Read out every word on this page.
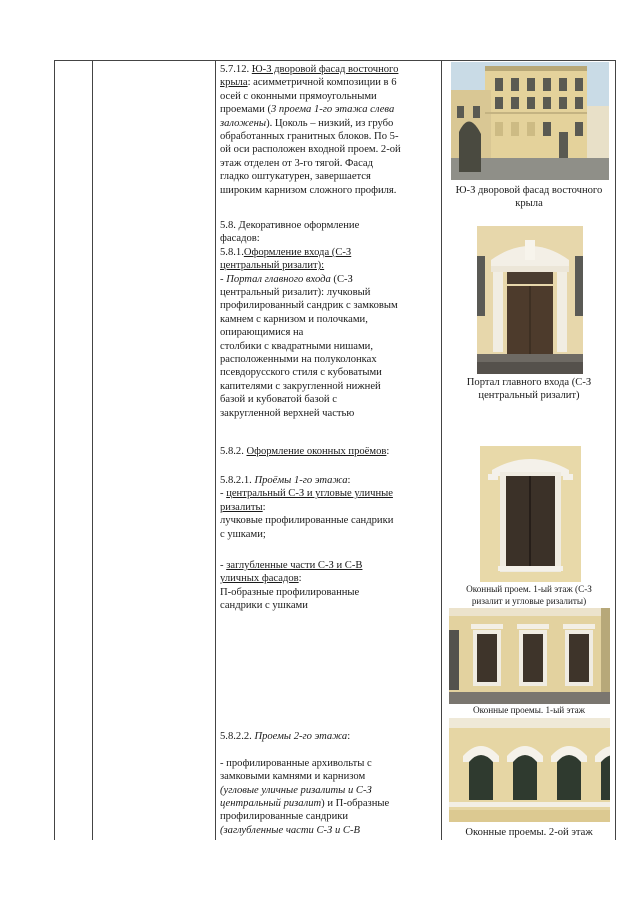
5.7.12. Ю-З дворовой фасад восточного

крыла: асимметричной композиции в 6

осей с оконными прямоугольными

проемами (3 проема 1-го этажа слева

заложены). Цоколь – низкий, из грубо

обработанных гранитных блоков. По 5-

ой оси расположен входной проем. 2-ой

этаж отделен от 3-го тягой. Фасад

гладко оштукатурен, завершается

широким карнизом сложного профиля.

5.8. Декоративное оформление

фасадов:

5.8.1.Оформление входа (С-З

центральный ризалит):

- Портал главного входа (С-З

центральный ризалит): лучковый

профилированный сандрик с замковым

камнем с карнизом и полочками,

опирающимися на

столбики с квадратными нишами,

расположенными на полуколонках

псевдорусского стиля с кубоватыми

капителями с закругленной нижней

базой и кубоватой базой с

закругленной верхней частью

5.8.2. Оформление оконных проёмов:

5.8.2.1. Проёмы 1-го этажа:

- центральный С-З и угловые уличные

ризалиты:

лучковые профилированные сандрики

с ушками;

- заглубленные части С-З и С-В

уличных фасадов:

П-образные профилированные

сандрики с ушками

5.8.2.2. Проемы 2-го этажа:

- профилированные архивольты с

замковыми камнями и карнизом

(угловые уличные ризалиты и С-З

центральный ризалит) и П-образные

профилированные сандрики

(заглубленные части С-З и С-В

Ю-З дворовой фасад восточного
крыла
Портал главного входа (С-З
центральный ризалит)
Оконный проем. 1-ый этаж (С-З
ризалит и угловые ризалиты)
Оконные проемы. 1-ый этаж
Оконные проемы. 2-ой этаж
